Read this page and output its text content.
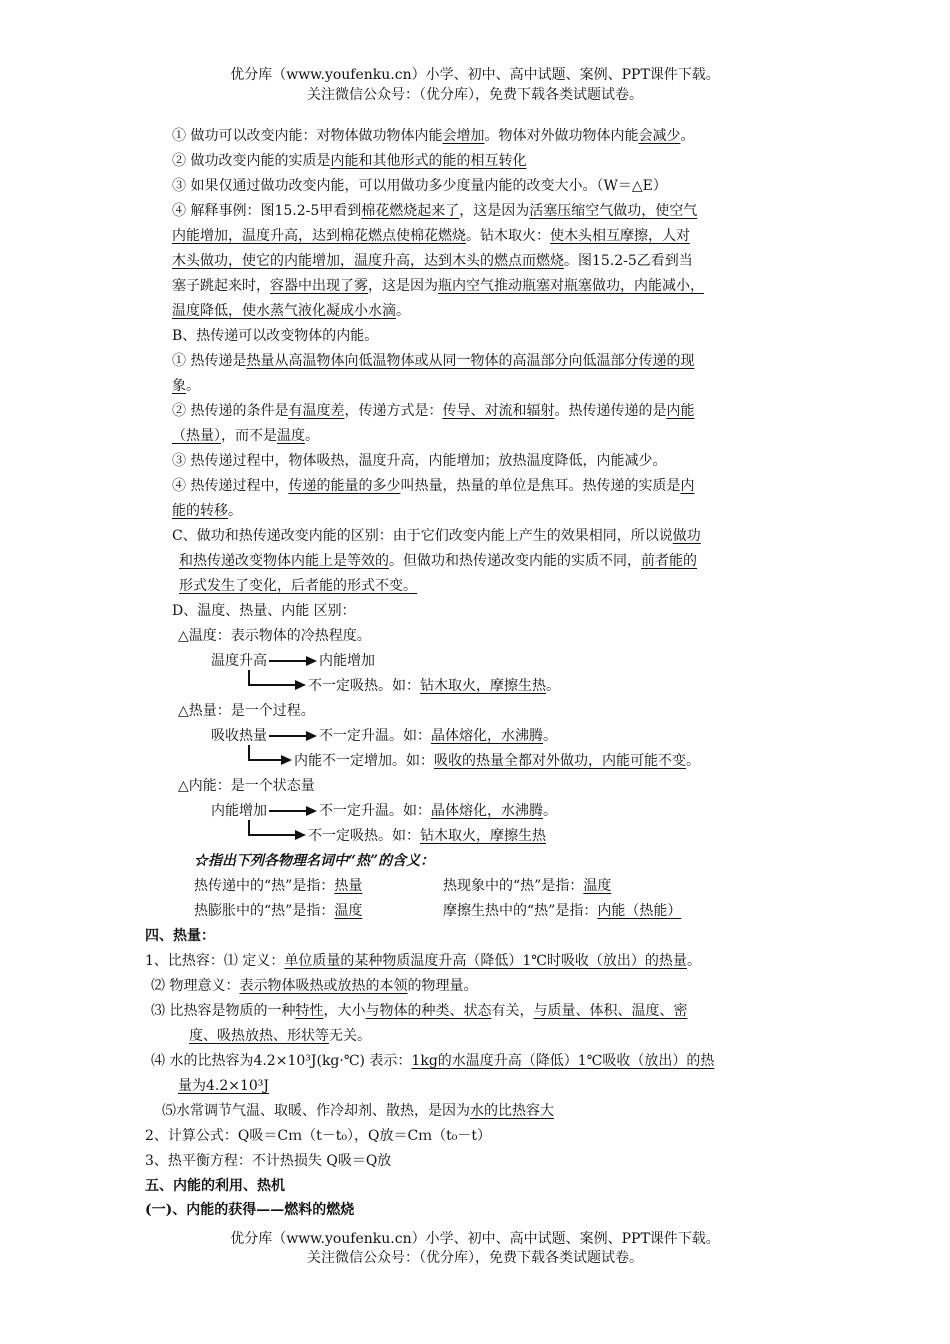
优分库（www.youfenku.cn）小学、初中、高中试题、案例、PPT课件下载。
关注微信公众号：（优分库），免费下载各类试题试卷。
① 做功可以改变内能：对物体做功物体内能会增加。物体对外做功物体内能会减少。
② 做功改变内能的实质是内能和其他形式的能的相互转化
③ 如果仅通过做功改变内能，可以用做功多少度量内能的改变大小。（W＝△E）
④ 解释事例：图15.2-5甲看到棉花燃烧起来了，这是因为活塞压缩空气做功，使空气
内能增加，温度升高，达到棉花燃点使棉花燃烧。钻木取火：使木头相互摩擦，人对
木头做功，使它的内能增加，温度升高，达到木头的燃点而燃烧。图15.2-5乙看到当
塞子跳起来时，容器中出现了雾，这是因为瓶内空气推动瓶塞对瓶塞做功，内能减小，
温度降低，使水蒸气液化凝成小水滴。
B、热传递可以改变物体的内能。
① 热传递是热量从高温物体向低温物体或从同一物体的高温部分向低温部分传递的现
象。
② 热传递的条件是有温度差，传递方式是：传导、对流和辐射。热传递传递的是内能
（热量），而不是温度。
③ 热传递过程中，物体吸热，温度升高，内能增加；放热温度降低，内能减少。
④ 热传递过程中，传递的能量的多少叫热量，热量的单位是焦耳。热传递的实质是内
能的转移。
C、做功和热传递改变内能的区别：由于它们改变内能上产生的效果相同，所以说做功
和热传递改变物体内能上是等效的。但做功和热传递改变内能的实质不同，前者能的
形式发生了变化，后者能的形式不变。
D、温度、热量、内能 区别：
△温度：表示物体的冷热程度。
温度升高	内能增加
不一定吸热。如：钻木取火，摩擦生热。
△热量：是一个过程。
吸收热量	不一定升温。如：晶体熔化，水沸腾。
内能不一定增加。如：吸收的热量全都对外做功，内能可能不变。
△内能：是一个状态量
内能增加	不一定升温。如：晶体熔化，水沸腾。
不一定吸热。如：钻木取火，摩擦生热
☆指出下列各物理名词中“热”的含义：
热传递中的“热”是指：热量	热现象中的“热”是指：温度
热膨胀中的“热”是指：温度	摩擦生热中的“热”是指：内能（热能）
四、热量：
1、比热容：⑴ 定义：单位质量的某种物质温度升高（降低）1℃时吸收（放出）的热量。
⑵ 物理意义：表示物体吸热或放热的本领的物理量。
⑶ 比热容是物质的一种特性，大小与物体的种类、状态有关，与质量、体积、温度、密
度、吸热放热、形状等无关。
⑷ 水的比热容为4.2×10³J(kg·℃) 表示：1kg的水温度升高（降低）1℃吸收（放出）的热
量为4.2×10³J
⑸水常调节气温、取暖、作冷却剂、散热，是因为水的比热容大
2、计算公式：Q吸＝Cｍ（t－t₀），Q放＝Cｍ（t₀－t）
3、热平衡方程：不计热损失 Q吸＝Q放
五、内能的利用、热机
(一)、内能的获得——燃料的燃烧
优分库（www.youfenku.cn）小学、初中、高中试题、案例、PPT课件下载。
关注微信公众号：（优分库），免费下载各类试题试卷。
